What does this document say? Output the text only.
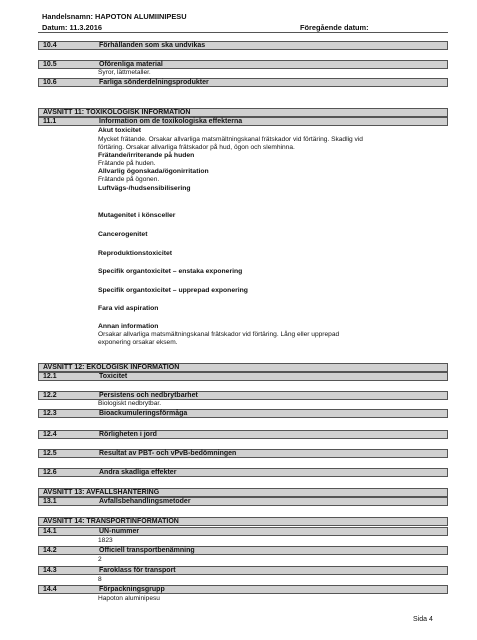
Handelsnamn: HAPOTON ALUMIINIPESU
Datum: 11.3.2016	Föregående datum:
10.4	Förhållanden som ska undvikas
10.5	Oförenliga material
Syror, lättmetaller.
10.6	Farliga sönderdelningsprodukter
AVSNITT 11: TOXIKOLOGISK INFORMATION
11.1	Information om de toxikologiska effekterna
Akut toxicitet
Mycket frätande. Orsakar allvarliga matsmältningskanal frätskador vid förtäring. Skadlig vid
förtäring. Orsakar allvarliga frätskador på hud, ögon och slemhinna.
Frätande/irriterande på huden
Frätande på huden.
Allvarlig ögonskada/ögonirritation
Frätande på ögonen.
Luftvägs-/hudsensibilisering
Mutagenitet i könsceller
Cancerogenitet
Reproduktionstoxicitet
Specifik organtoxicitet – enstaka exponering
Specifik organtoxicitet – upprepad exponering
Fara vid aspiration
Annan information
Orsakar allvarliga matsmältningskanal frätskador vid förtäring. Lång eller upprepad
exponering orsakar eksem.
AVSNITT 12: EKOLOGISK INFORMATION
12.1	Toxicitet
12.2	Persistens och nedbrytbarhet
Biologiskt nedbrytbar.
12.3	Bioackumuleringsförmåga
12.4	Rörligheten i jord
12.5	Resultat av PBT- och vPvB-bedömningen
12.6	Andra skadliga effekter
AVSNITT 13: AVFALLSHANTERING
13.1	Avfallsbehandlingsmetoder
AVSNITT 14: TRANSPORTINFORMATION
14.1	UN-nummer
1823
14.2	Officiell transportbenämning
2
14.3	Faroklass för transport
8
14.4	Förpackningsgrupp
Hapoton aluminipesu
Sida 4
